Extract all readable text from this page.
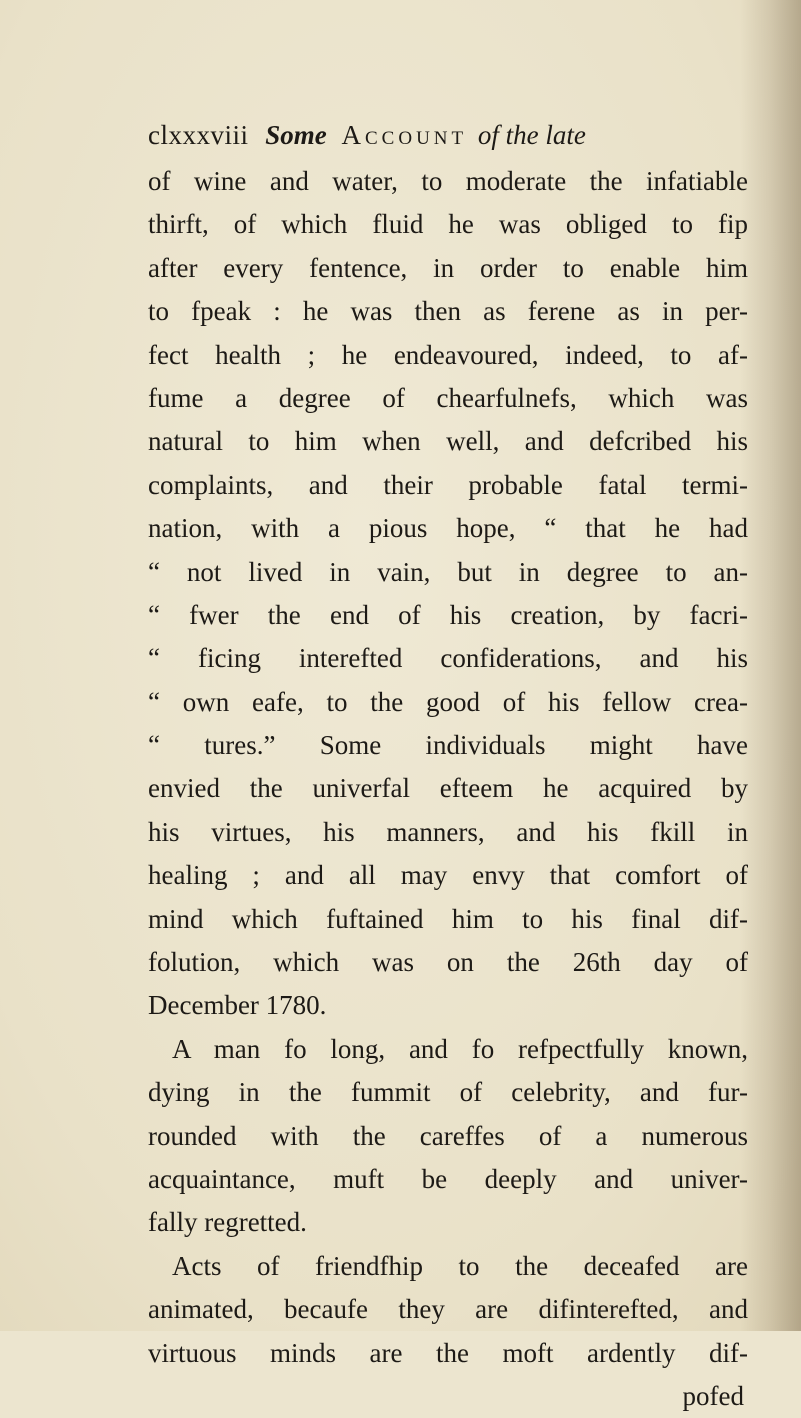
clxxxviii Some Account of the late
of wine and water, to moderate the infatiable
thirft, of which fluid he was obliged to fip
after every fentence, in order to enable him
to fpeak : he was then as ferene as in per-
fect health ; he endeavoured, indeed, to af-
fume a degree of chearfulnefs, which was
natural to him when well, and defcribed his
complaints, and their probable fatal termi-
nation, with a pious hope, “ that he had
“ not lived in vain, but in degree to an-
“ fwer the end of his creation, by facri-
“ ficing interefted confiderations, and his
“ own eafe, to the good of his fellow crea-
“ tures.” Some individuals might have
envied the univerfal efteem he acquired by
his virtues, his manners, and his fkill in
healing ; and all may envy that comfort of
mind which fuftained him to his final dif-
folution, which was on the 26th day of
December 1780.
A man fo long, and fo refpectfully known,
dying in the fummit of celebrity, and fur-
rounded with the careffes of a numerous
acquaintance, muft be deeply and univer-
fally regretted.
Acts of friendfhip to the deceafed are
animated, becaufe they are difinterefted, and
virtuous minds are the moft ardently dif-
pofed
